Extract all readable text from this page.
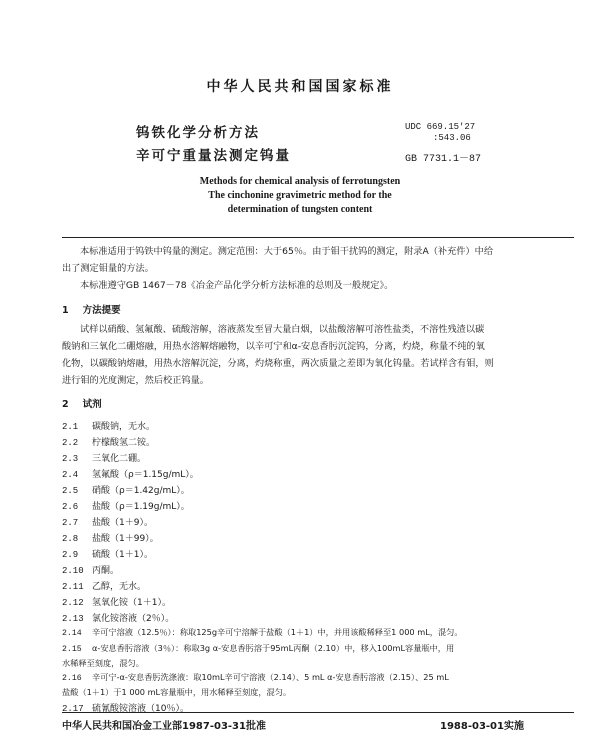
中华人民共和国国家标准
钨铁化学分析方法
辛可宁重量法测定钨量
UDC 669.15'27
:543.06
GB 7731.1－87
Methods for chemical analysis of ferrotungsten
The cinchonine gravimetric method for the
determination of tungsten content
本标准适用于钨铁中钨量的测定。测定范围：大于65％。由于钼干扰钨的测定，附录A（补充件）中给
出了测定钼量的方法。
本标准遵守GB 1467－78《冶金产品化学分析方法标准的总则及一般规定》。
1 方法提要
试样以硝酸、氢氟酸、硫酸溶解，溶液蒸发至冒大量白烟，以盐酸溶解可溶性盐类，不溶性残渣以碳
酸钠和三氧化二硼熔融，用热水溶解熔融物，以辛可宁和α-安息香肟沉淀钨，分离，灼烧，称量不纯的氧
化物，以碳酸钠熔融，用热水溶解沉淀，分离，灼烧称重，两次质量之差即为氧化钨量。若试样含有钼，则
进行钼的光度测定，然后校正钨量。
2 试剂
2.1 碳酸钠，无水。
2.2 柠檬酸氢二铵。
2.3 三氧化二硼。
2.4 氢氟酸（ρ＝1.15g/mL）。
2.5 硝酸（ρ＝1.42g/mL）。
2.6 盐酸（ρ＝1.19g/mL）。
2.7 盐酸（1＋9）。
2.8 盐酸（1＋99）。
2.9 硫酸（1＋1）。
2.10 丙酮。
2.11 乙醇，无水。
2.12 氢氧化铵（1＋1）。
2.13 氯化铵溶液（2％）。
2.14 辛可宁溶液（12.5％）：称取125g辛可宁溶解于盐酸（1＋1）中，并用该酸稀释至1 000 mL，混匀。
2.15 α-安息香肟溶液（3％）：称取3g α-安息香肟溶于95mL丙酮（2.10）中，移入100mL容量瓶中，用
水稀释至刻度，混匀。
中华人民共和国冶金工业部1987-03-31批准	1988-03-01实施
2.16 辛可宁-α-安息香肟洗涤液：取10mL辛可宁溶液（2.14）、5 mL α-安息香肟溶液（2.15）、25 mL
盐酸（1＋1）于1 000 mL容量瓶中，用水稀释至刻度，混匀。
2.17 硫氰酸铵溶液（10％）。
